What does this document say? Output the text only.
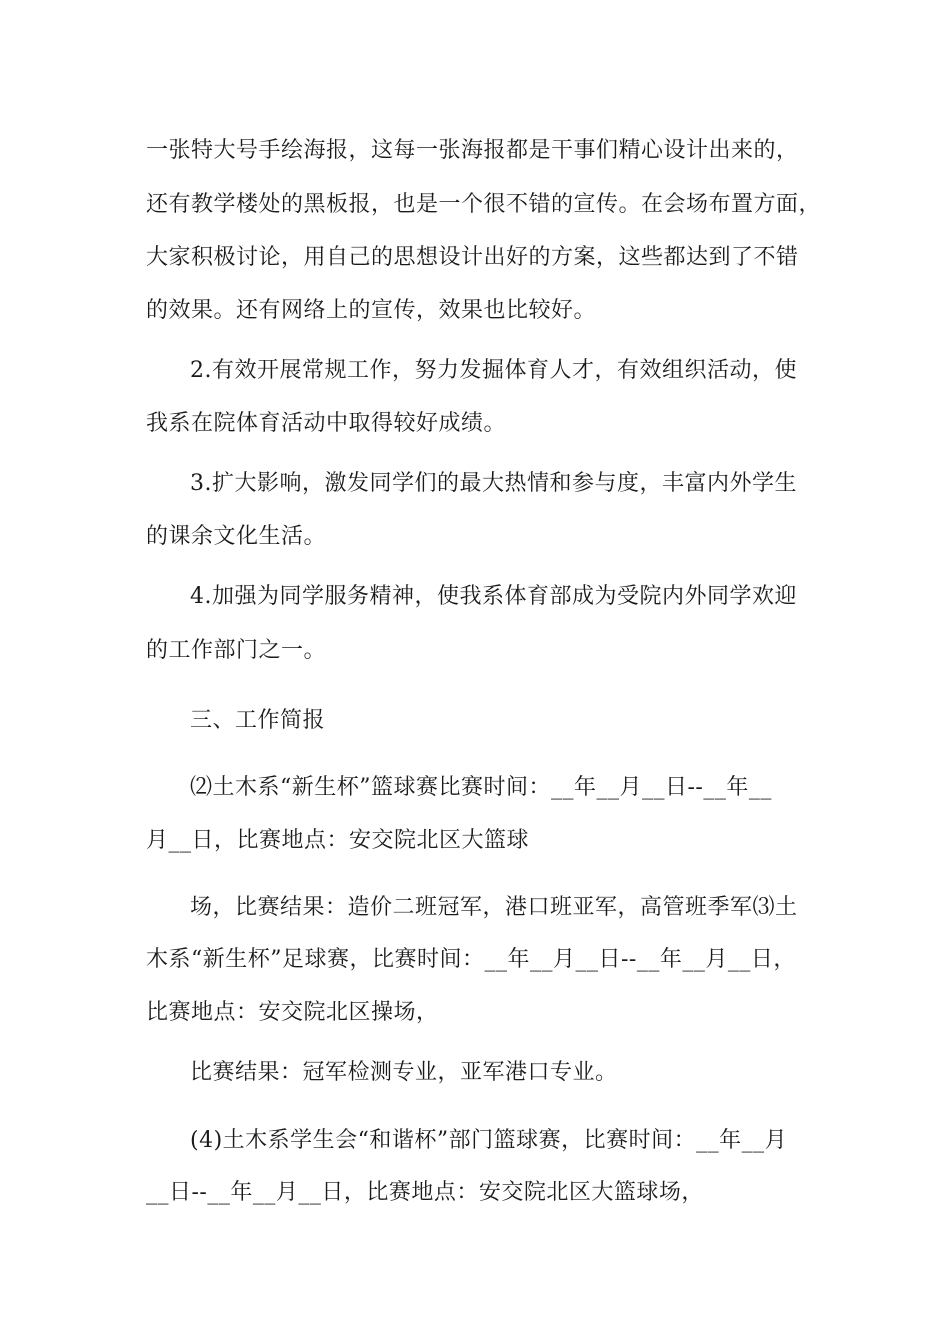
一张特大号手绘海报，这每一张海报都是干事们精心设计出来的，
还有教学楼处的黑板报，也是一个很不错的宣传。在会场布置方面，
大家积极讨论，用自己的思想设计出好的方案，这些都达到了不错
的效果。还有网络上的宣传，效果也比较好。
2.有效开展常规工作，努力发掘体育人才，有效组织活动，使
我系在院体育活动中取得较好成绩。
3.扩大影响，激发同学们的最大热情和参与度，丰富内外学生
的课余文化生活。
4.加强为同学服务精神，使我系体育部成为受院内外同学欢迎
的工作部门之一。
三、工作简报
⑵土木系“新生杯”篮球赛比赛时间：__年__月__日--__年__
月__日，比赛地点：安交院北区大篮球
场，比赛结果：造价二班冠军，港口班亚军，高管班季军⑶土
木系“新生杯”足球赛，比赛时间：__年__月__日--__年__月__日，
比赛地点：安交院北区操场，
比赛结果：冠军检测专业，亚军港口专业。
(4)土木系学生会“和谐杯”部门篮球赛，比赛时间：__年__月
__日--__年__月__日，比赛地点：安交院北区大篮球场，
